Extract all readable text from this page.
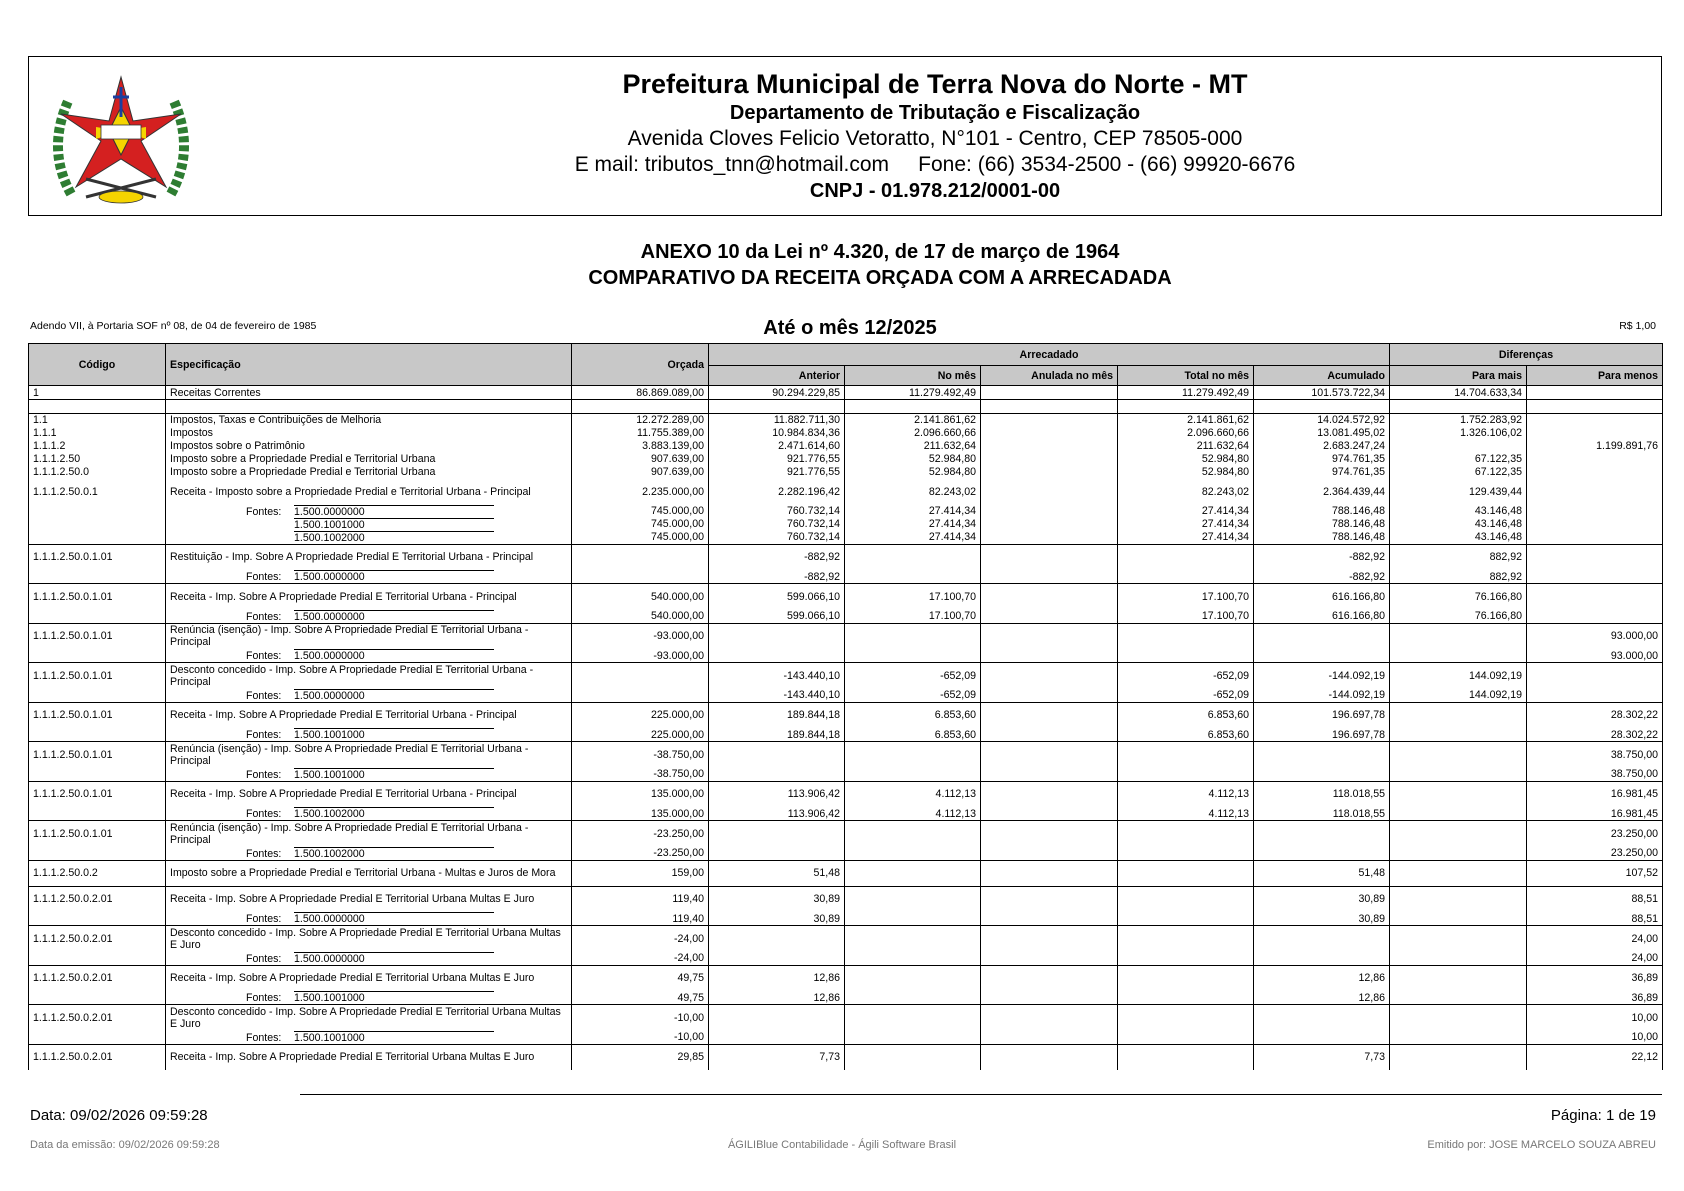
Prefeitura Municipal de Terra Nova do Norte - MT
Departamento de Tributação e Fiscalização
Avenida Cloves Felicio Vetoratto, N°101 - Centro, CEP 78505-000
E mail: tributos_tnn@hotmail.com     Fone: (66) 3534-2500 - (66) 99920-6676
CNPJ - 01.978.212/0001-00
ANEXO 10 da Lei nº 4.320, de 17 de março de 1964
COMPARATIVO DA RECEITA ORÇADA COM A ARRECADADA
Adendo VII, à Portaria SOF nº 08, de 04 de fevereiro de 1985	Até o mês 12/2025	R$ 1,00
Código	Especificação	Orçada	Arrecadado					Diferenças	
			Anterior	No mês	Anulada no mês	Total no mês	Acumulado	Para mais	Para menos
1	Receitas Correntes	86.869.089,00	90.294.229,85	11.279.492,49		11.279.492,49	101.573.722,34	14.704.633,34	

1.1	Impostos, Taxas e Contribuições de Melhoria	12.272.289,00	11.882.711,30	2.141.861,62		2.141.861,62	14.024.572,92	1.752.283,92	
1.1.1	Impostos	11.755.389,00	10.984.834,36	2.096.660,66		2.096.660,66	13.081.495,02	1.326.106,02	
1.1.1.2	Impostos sobre o Patrimônio	3.883.139,00	2.471.614,60	211.632,64		211.632,64	2.683.247,24		1.199.891,76
1.1.1.2.50	Imposto sobre a Propriedade Predial e Territorial Urbana	907.639,00	921.776,55	52.984,80		52.984,80	974.761,35	67.122,35	
1.1.1.2.50.0	Imposto sobre a Propriedade Predial e Territorial Urbana	907.639,00	921.776,55	52.984,80		52.984,80	974.761,35	67.122,35	
1.1.1.2.50.0.1	Receita - Imposto sobre a Propriedade Predial e Territorial Urbana - Principal	2.235.000,00	2.282.196,42	82.243,02		82.243,02	2.364.439,44	129.439,44	
	Fontes: 1.500.0000000	745.000,00	760.732,14	27.414,34		27.414,34	788.146,48	43.146,48	
	1.500.1001000	745.000,00	760.732,14	27.414,34		27.414,34	788.146,48	43.146,48	
	1.500.1002000	745.000,00	760.732,14	27.414,34		27.414,34	788.146,48	43.146,48	
1.1.1.2.50.0.1.01	Restituição - Imp. Sobre A Propriedade Predial E Territorial Urbana - Principal		-882,92				-882,92	882,92	
	Fontes: 1.500.0000000		-882,92				-882,92	882,92	
1.1.1.2.50.0.1.01	Receita - Imp. Sobre A Propriedade Predial E Territorial Urbana - Principal	540.000,00	599.066,10	17.100,70		17.100,70	616.166,80	76.166,80	
	Fontes: 1.500.0000000	540.000,00	599.066,10	17.100,70		17.100,70	616.166,80	76.166,80	
1.1.1.2.50.0.1.01	Renúncia (isenção) - Imp. Sobre A Propriedade Predial E Territorial Urbana - Principal	-93.000,00							93.000,00
	Fontes: 1.500.0000000	-93.000,00							93.000,00
1.1.1.2.50.0.1.01	Desconto concedido - Imp. Sobre A Propriedade Predial E Territorial Urbana - Principal		-143.440,10	-652,09		-652,09	-144.092,19	144.092,19	
	Fontes: 1.500.0000000		-143.440,10	-652,09		-652,09	-144.092,19	144.092,19	
1.1.1.2.50.0.1.01	Receita - Imp. Sobre A Propriedade Predial E Territorial Urbana - Principal	225.000,00	189.844,18	6.853,60		6.853,60	196.697,78		28.302,22
	Fontes: 1.500.1001000	225.000,00	189.844,18	6.853,60		6.853,60	196.697,78		28.302,22
1.1.1.2.50.0.1.01	Renúncia (isenção) - Imp. Sobre A Propriedade Predial E Territorial Urbana - Principal	-38.750,00							38.750,00
	Fontes: 1.500.1001000	-38.750,00							38.750,00
1.1.1.2.50.0.1.01	Receita - Imp. Sobre A Propriedade Predial E Territorial Urbana - Principal	135.000,00	113.906,42	4.112,13		4.112,13	118.018,55		16.981,45
	Fontes: 1.500.1002000	135.000,00	113.906,42	4.112,13		4.112,13	118.018,55		16.981,45
1.1.1.2.50.0.1.01	Renúncia (isenção) - Imp. Sobre A Propriedade Predial E Territorial Urbana - Principal	-23.250,00							23.250,00
	Fontes: 1.500.1002000	-23.250,00							23.250,00
1.1.1.2.50.0.2	Imposto sobre a Propriedade Predial e Territorial Urbana - Multas e Juros de Mora	159,00	51,48				51,48		107,52
1.1.1.2.50.0.2.01	Receita - Imp. Sobre A Propriedade Predial E Territorial Urbana Multas E Juro	119,40	30,89				30,89		88,51
	Fontes: 1.500.0000000	119,40	30,89				30,89		88,51
1.1.1.2.50.0.2.01	Desconto concedido - Imp. Sobre A Propriedade Predial E Territorial Urbana Multas E Juro	-24,00							24,00
	Fontes: 1.500.0000000	-24,00							24,00
1.1.1.2.50.0.2.01	Receita - Imp. Sobre A Propriedade Predial E Territorial Urbana Multas E Juro	49,75	12,86				12,86		36,89
	Fontes: 1.500.1001000	49,75	12,86				12,86		36,89
1.1.1.2.50.0.2.01	Desconto concedido - Imp. Sobre A Propriedade Predial E Territorial Urbana Multas E Juro	-10,00							10,00
	Fontes: 1.500.1001000	-10,00							10,00
1.1.1.2.50.0.2.01	Receita - Imp. Sobre A Propriedade Predial E Territorial Urbana Multas E Juro	29,85	7,73				7,73		22,12
Data: 09/02/2026 09:59:28	Página: 1 de 19
Data da emissão: 09/02/2026 09:59:28	ÁGILIBlue Contabilidade - Ágili Software Brasil	Emitido por: JOSE MARCELO SOUZA ABREU
